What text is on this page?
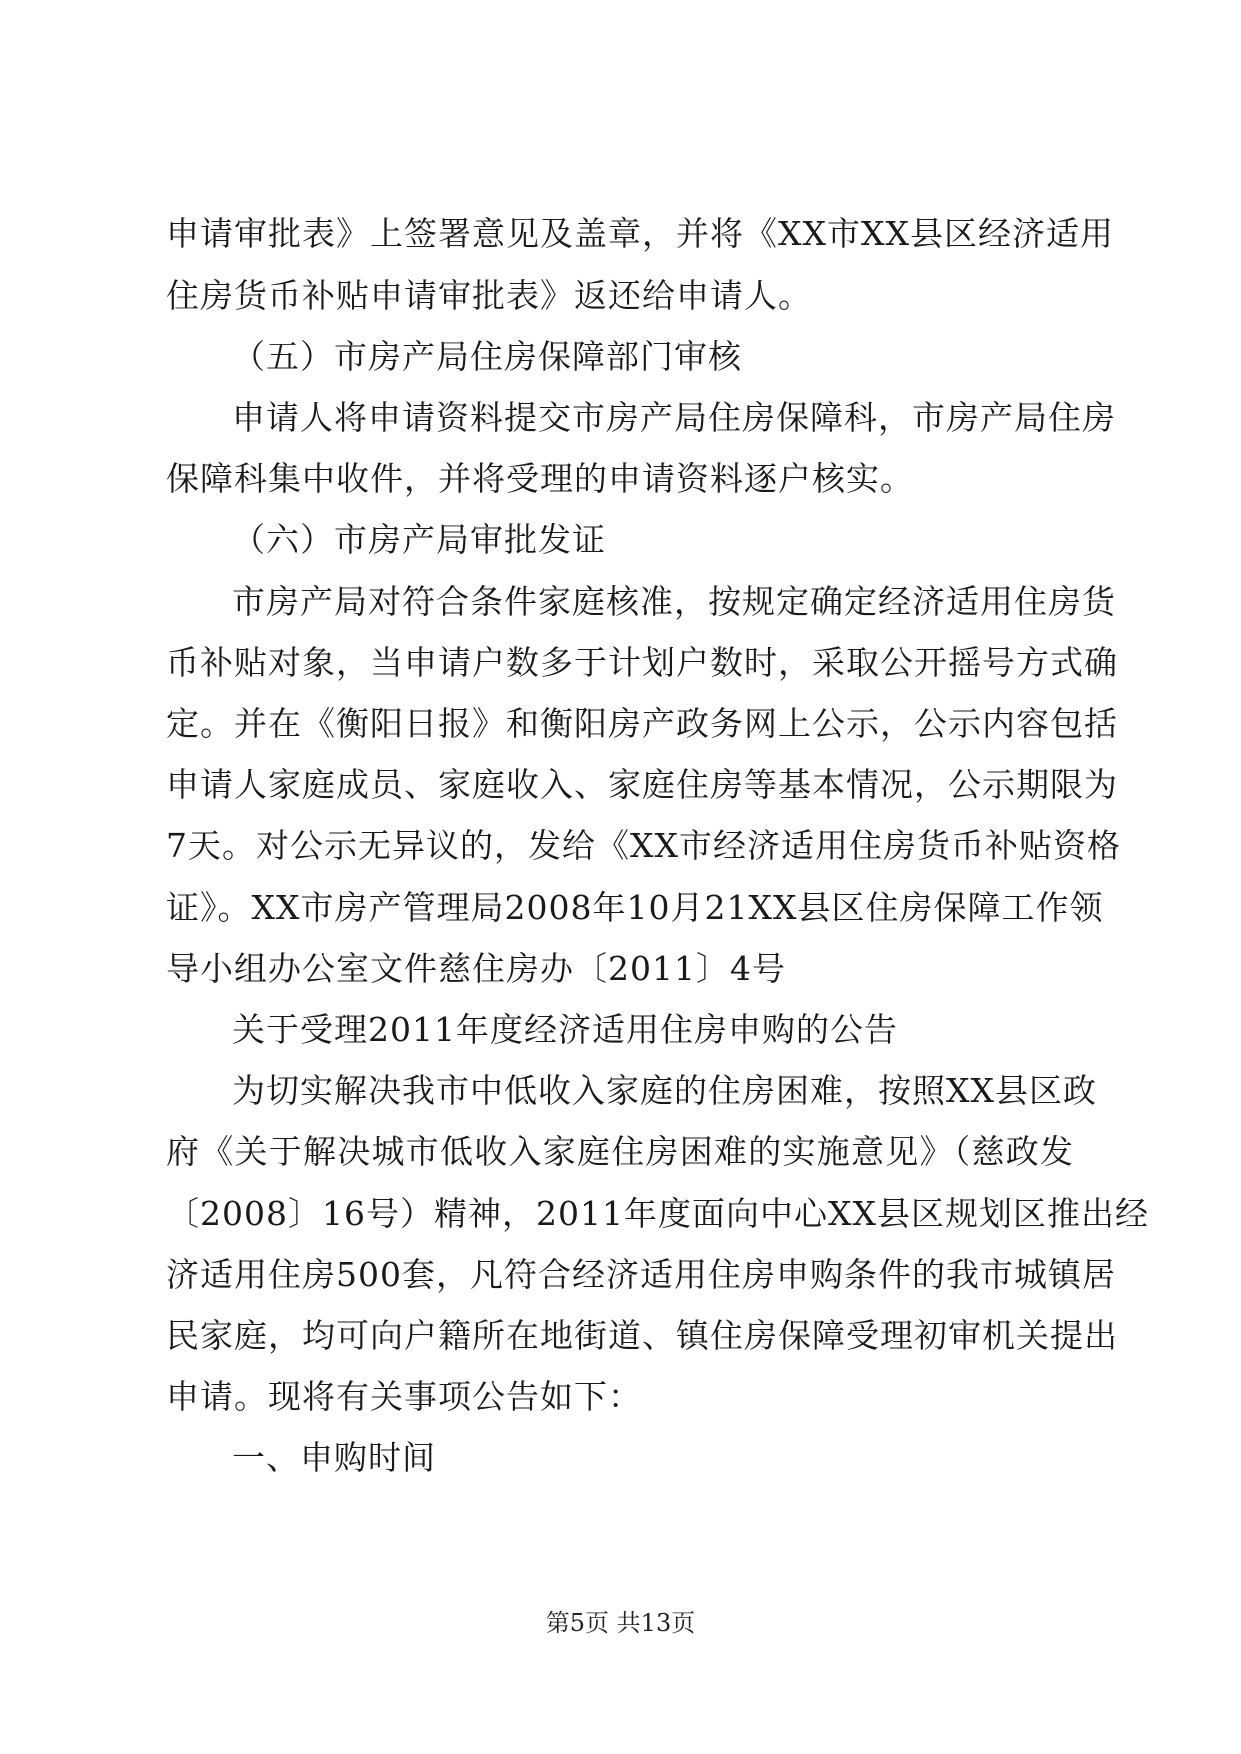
申请审批表》上签署意见及盖章，并将《XX市XX县区经济适用
住房货币补贴申请审批表》返还给申请人。
（五）市房产局住房保障部门审核
申请人将申请资料提交市房产局住房保障科，市房产局住房
保障科集中收件，并将受理的申请资料逐户核实。
（六）市房产局审批发证
市房产局对符合条件家庭核准，按规定确定经济适用住房货
币补贴对象，当申请户数多于计划户数时，采取公开摇号方式确
定。并在《衡阳日报》和衡阳房产政务网上公示，公示内容包括
申请人家庭成员、家庭收入、家庭住房等基本情况，公示期限为
7天。对公示无异议的，发给《XX市经济适用住房货币补贴资格
证》。XX市房产管理局2008年10月21XX县区住房保障工作领
导小组办公室文件慈住房办〔2011〕4号
关于受理2011年度经济适用住房申购的公告
为切实解决我市中低收入家庭的住房困难，按照XX县区政
府《关于解决城市低收入家庭住房困难的实施意见》（慈政发
〔2008〕16号）精神，2011年度面向中心XX县区规划区推出经
济适用住房500套，凡符合经济适用住房申购条件的我市城镇居
民家庭，均可向户籍所在地街道、镇住房保障受理初审机关提出
申请。现将有关事项公告如下：
一、申购时间
第5页 共13页
